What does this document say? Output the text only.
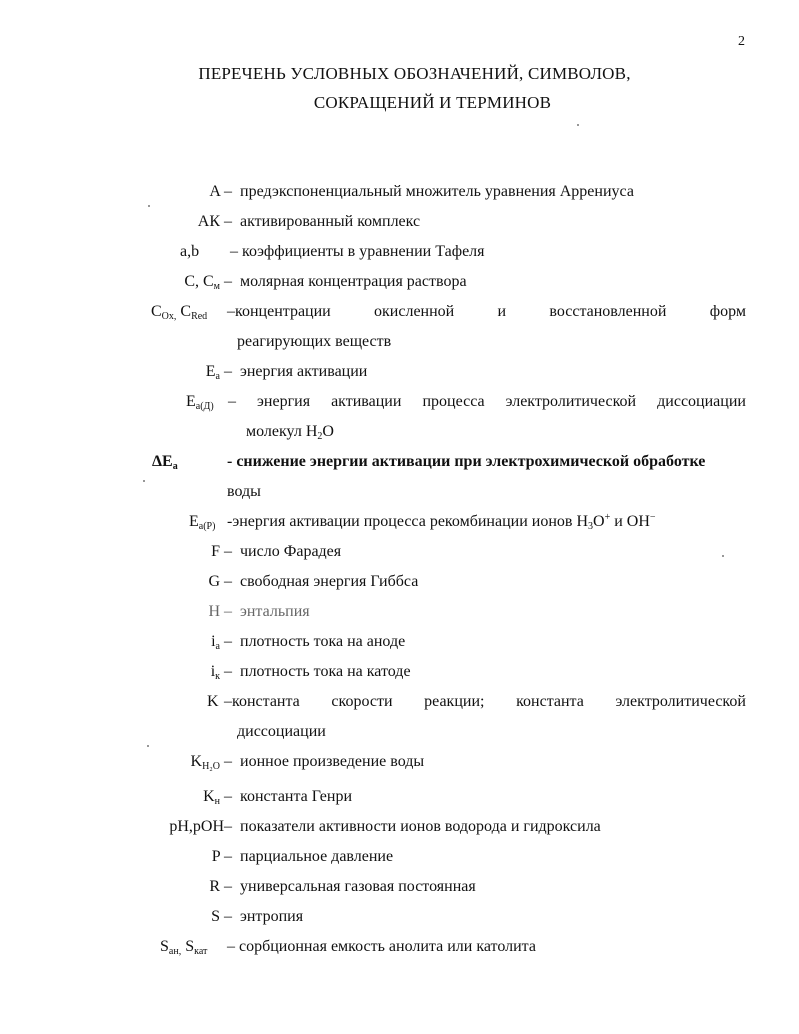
2
ПЕРЕЧЕНЬ УСЛОВНЫХ ОБОЗНАЧЕНИЙ, СИМВОЛОВ,
СОКРАЩЕНИЙ И ТЕРМИНОВ
A – предэкспоненциальный множитель уравнения Аррениуса
АК – активированный комплекс
a,b – коэффициенты в уравнении Тафеля
C, $C_м$ – молярная концентрация раствора
$C_{Ox,}$ $C_{Red}$ –концентрации	окисленной	и	восстановленной	форм
реагирующих веществ
$E_a$ – энергия активации
$E_{a(Д)}$ – энергия активации процесса электролитической диссоциации
молекул $H_2O$
$\Delta E_a$	- снижение энергии активации при электрохимической обработке
воды
$E_{a(P)}$ -энергия активации процесса рекомбинации ионов $H_3O^+$ и OH−
F – число Фарадея
G – свободная энергия Гиббса
H – энтальпия
$i_a$ – плотность тока на аноде
$i_к$ – плотность тока на катоде
K –константа скорости реакции; константа электролитической
диссоциации
$K_{H_2O}$ – ионное произведение воды
$K_н$ – константа Генри
pH,pOH– показатели активности ионов водорода и гидроксила
P – парциальное давление
R – универсальная газовая постоянная
S – энтропия
$S_{ан,}$ $S_{кат}$ – сорбционная емкость анолита или католита
